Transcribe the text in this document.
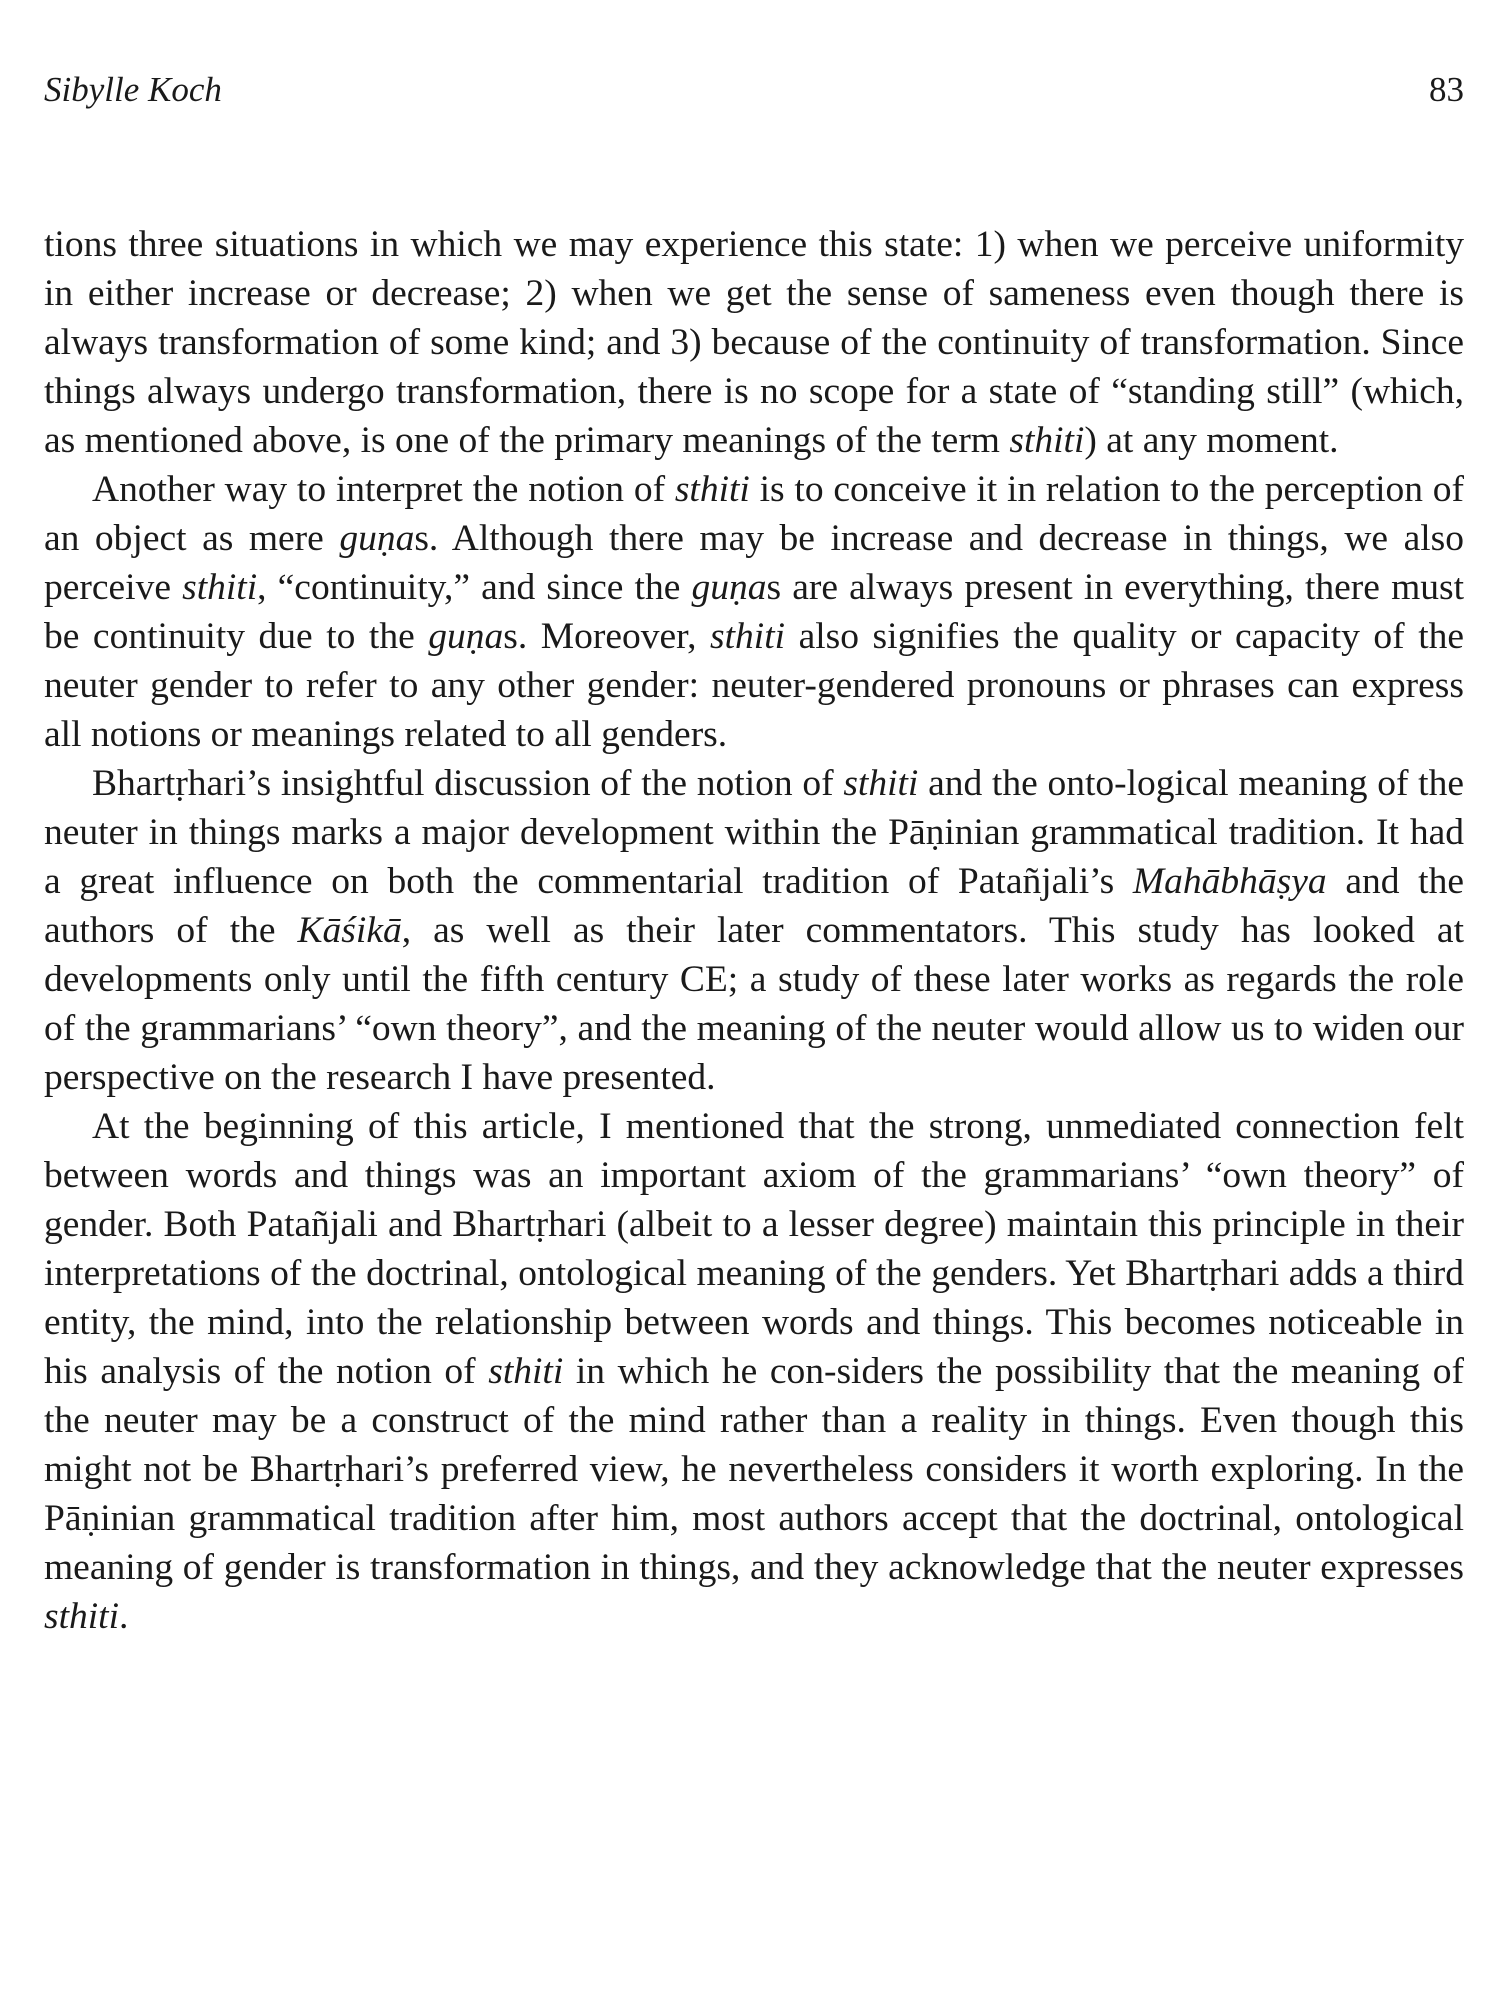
Sibylle Koch	83

tions three situations in which we may experience this state: 1) when we perceive uniformity in either increase or decrease; 2) when we get the sense of sameness even though there is always transformation of some kind; and 3) because of the continuity of transformation. Since things always undergo transformation, there is no scope for a state of “standing still” (which, as mentioned above, is one of the primary meanings of the term sthiti) at any moment.

Another way to interpret the notion of sthiti is to conceive it in relation to the perception of an object as mere guṇas. Although there may be increase and decrease in things, we also perceive sthiti, “continuity,” and since the guṇas are always present in everything, there must be continuity due to the guṇas. Moreover, sthiti also signifies the quality or capacity of the neuter gender to refer to any other gender: neuter-gendered pronouns or phrases can express all notions or meanings related to all genders.

Bhartṛhari’s insightful discussion of the notion of sthiti and the onto-logical meaning of the neuter in things marks a major development within the Pāṇinian grammatical tradition. It had a great influence on both the commentarial tradition of Patañjali’s Mahābhāṣya and the authors of the Kāśikā, as well as their later commentators. This study has looked at developments only until the fifth century CE; a study of these later works as regards the role of the grammarians’ “own theory”, and the meaning of the neuter would allow us to widen our perspective on the research I have presented.

At the beginning of this article, I mentioned that the strong, unmediated connection felt between words and things was an important axiom of the grammarians’ “own theory” of gender. Both Patañjali and Bhartṛhari (albeit to a lesser degree) maintain this principle in their interpretations of the doctrinal, ontological meaning of the genders. Yet Bhartṛhari adds a third entity, the mind, into the relationship between words and things. This becomes noticeable in his analysis of the notion of sthiti in which he con-siders the possibility that the meaning of the neuter may be a construct of the mind rather than a reality in things. Even though this might not be Bhartṛhari’s preferred view, he nevertheless considers it worth exploring. In the Pāṇinian grammatical tradition after him, most authors accept that the doctrinal, ontological meaning of gender is transformation in things, and they acknowledge that the neuter expresses sthiti.
